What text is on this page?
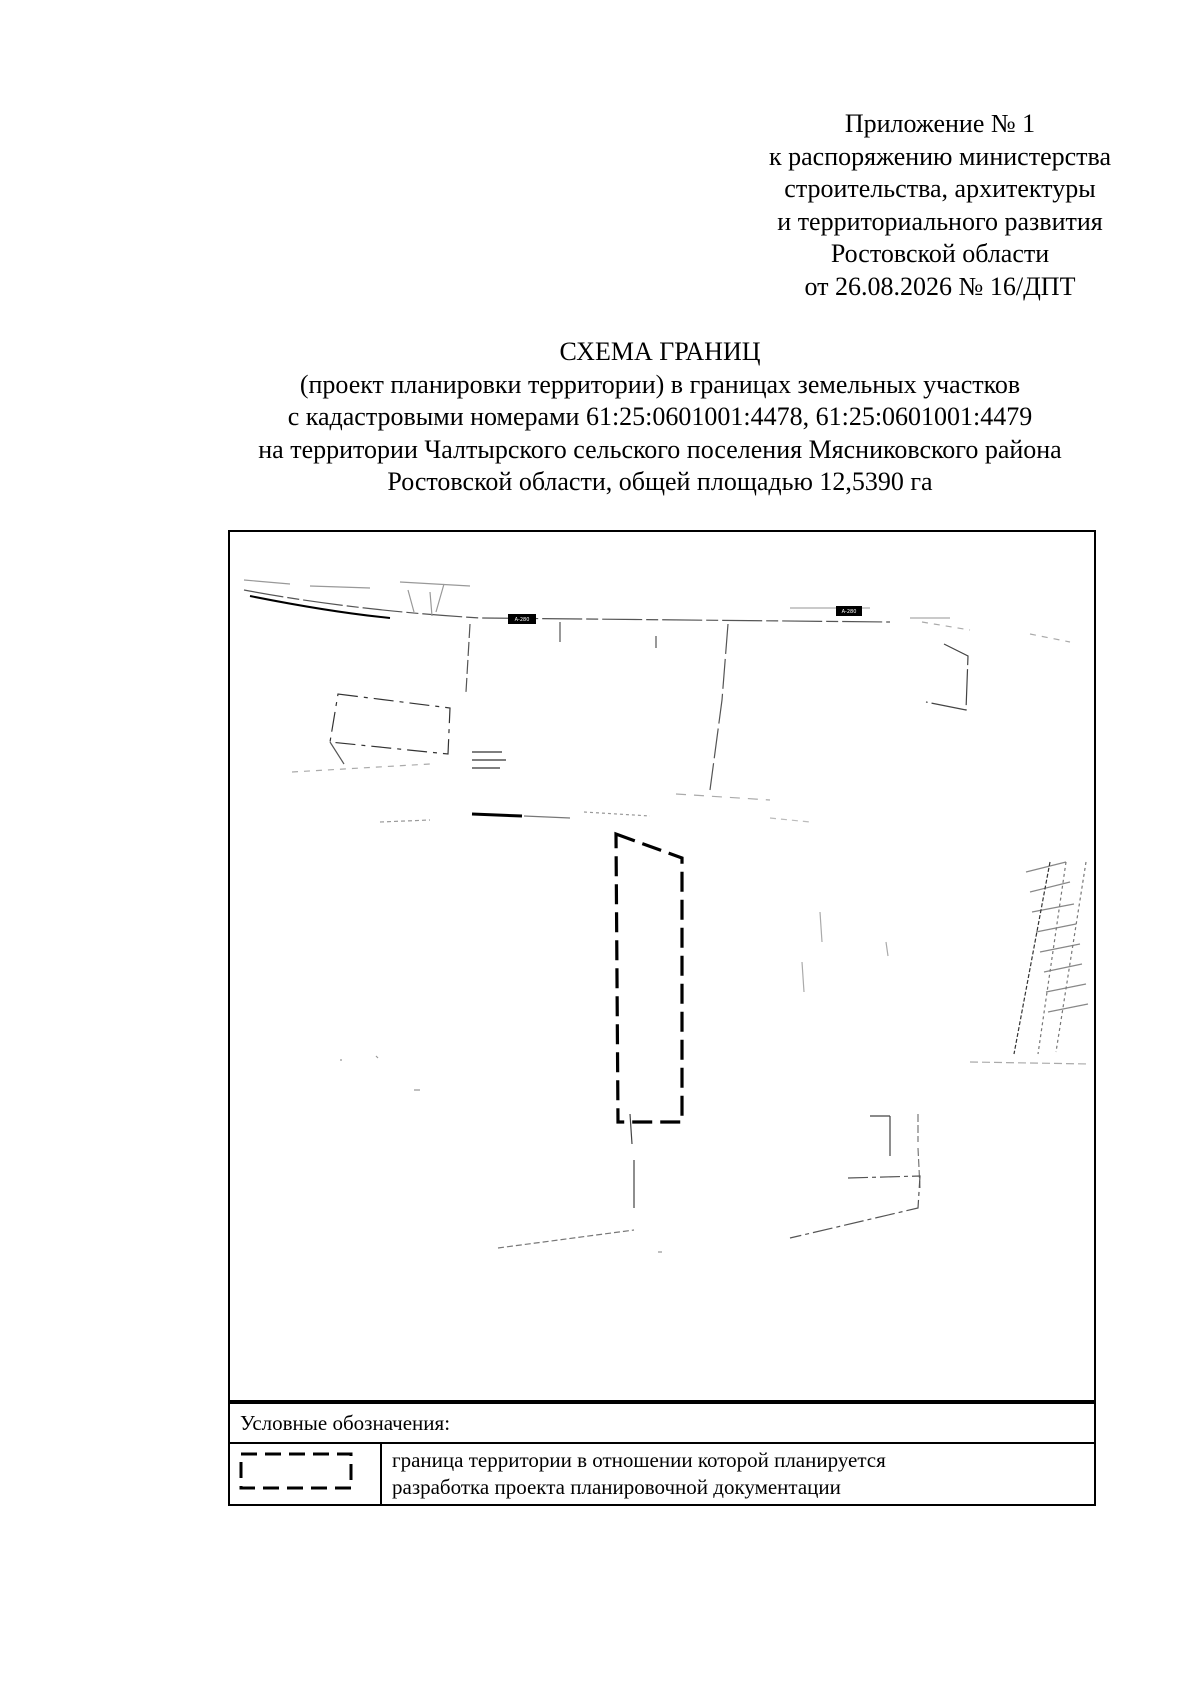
Приложение № 1
к распоряжению министерства
строительства, архитектуры
и территориального развития
Ростовской области
от 26.08.2026 № 16/ДПТ
СХЕМА ГРАНИЦ
(проект планировки территории) в границах земельных участков
с кадастровыми номерами 61:25:0601001:4478, 61:25:0601001:4479
на территории Чалтырского сельского поселения Мясниковского района
Ростовской области, общей площадью 12,5390 га
А-280
А-280
Условные обозначения:

граница территории в отношении которой планируется
разработка проекта планировочной документации
